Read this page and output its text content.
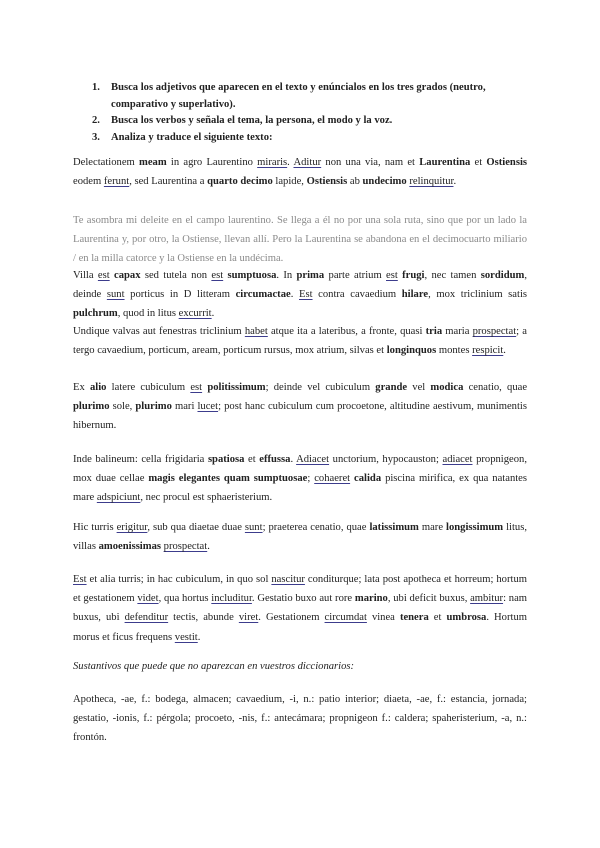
1. Busca los adjetivos que aparecen en el texto y enúncialos en los tres grados (neutro, comparativo y superlativo).
2. Busca los verbos y señala el tema, la persona, el modo y la voz.
3. Analiza y traduce el siguiente texto:

Delectationem meam in agro Laurentino miraris. Aditur non una via, nam et Laurentina et Ostiensis eodem ferunt, sed Laurentina a quarto decimo lapide, Ostiensis ab undecimo relinquitur.

Te asombra mi deleite en el campo laurentino. Se llega a él no por una sola ruta, sino que por un lado la Laurentina y, por otro, la Ostiense, llevan allí. Pero la Laurentina se abandona en el decimocuarto miliario / en la milla catorce y la Ostiense en la undécima.

Villa est capax sed tutela non est sumptuosa. In prima parte atrium est frugi, nec tamen sordidum, deinde sunt porticus in D litteram circumactae. Est contra cavaedium hilare, mox triclinium satis pulchrum, quod in litus excurrit.

Undique valvas aut fenestras triclinium habet atque ita a lateribus, a fronte, quasi tria maria prospectat; a tergo cavaedium, porticum, aream, porticum rursus, mox atrium, silvas et longinquos montes respicit.

Ex alio latere cubiculum est politissimum; deinde vel cubiculum grande vel modica cenatio, quae plurimo sole, plurimo mari lucet; post hanc cubiculum cum procoetone, altitudine aestivum, munimentis hibernum.

Inde balineum: cella frigidaria spatiosa et effussa. Adiacet unctorium, hypocauston; adiacet propnigeon, mox duae cellae magis elegantes quam sumptuosae; cohaeret calida piscina mirifica, ex qua natantes mare adspiciunt, nec procul est sphaeristerium.

Hic turris erigitur, sub qua diaetae duae sunt; praeterea cenatio, quae latissimum mare longissimum litus, villas amoenissimas prospectat.

Est et alia turris; in hac cubiculum, in quo sol nascitur conditurque; lata post apotheca et horreum; hortum et gestationem videt, qua hortus includitur. Gestatio buxo aut rore marino, ubi deficit buxus, ambitur: nam buxus, ubi defenditur tectis, abunde viret. Gestationem circumdat vinea tenera et umbrosa. Hortum morus et ficus frequens vestit.

Sustantivos que puede que no aparezcan en vuestros diccionarios:

Apotheca, -ae, f.: bodega, almacen; cavaedium, -i, n.: patio interior; diaeta, -ae, f.: estancia, jornada; gestatio, -ionis, f.: pérgola; procoeto, -nis, f.: antecámara; propnigeon f.: caldera; spaheristerium, -a, n.: frontón.
